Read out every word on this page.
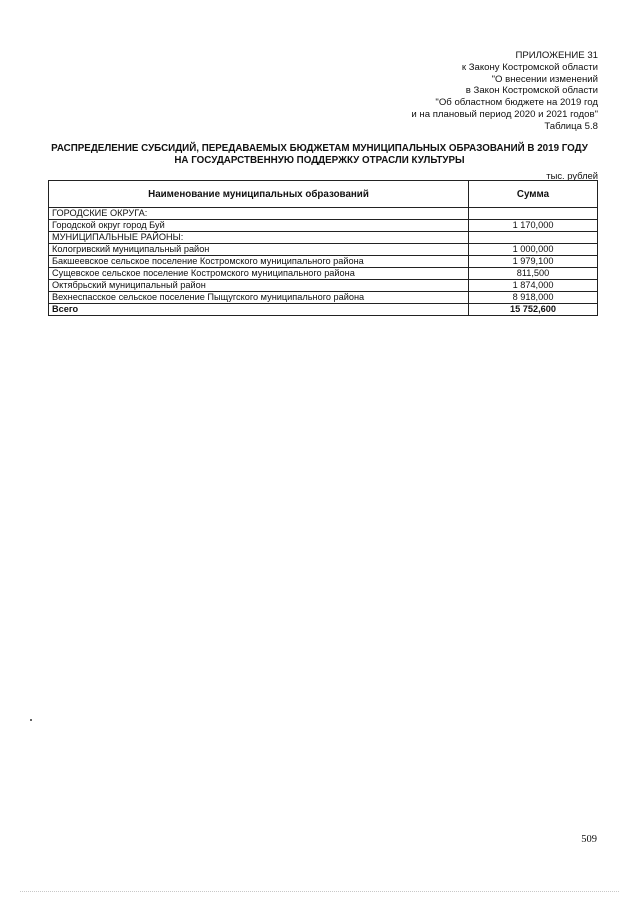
ПРИЛОЖЕНИЕ 31
к Закону Костромской области
"О внесении изменений
в Закон Костромской области
"Об областном бюджете на 2019 год
и на плановый период 2020 и 2021 годов"
Таблица 5.8
РАСПРЕДЕЛЕНИЕ СУБСИДИЙ, ПЕРЕДАВАЕМЫХ БЮДЖЕТАМ МУНИЦИПАЛЬНЫХ ОБРАЗОВАНИЙ В 2019 ГОДУ
НА ГОСУДАРСТВЕННУЮ ПОДДЕРЖКУ ОТРАСЛИ КУЛЬТУРЫ
тыс. рублей
Наименование муниципальных образований	Сумма
ГОРОДСКИЕ ОКРУГА:	
Городской округ город Буй	1 170,000
МУНИЦИПАЛЬНЫЕ РАЙОНЫ:	
Кологривский муниципальный район	1 000,000
Бакшеевское сельское поселение Костромского муниципального района	1 979,100
Сущевское сельское поселение Костромского муниципального района	811,500
Октябрьский муниципальный район	1 874,000
Вехнеспасское сельское поселение Пыщугского муниципального района	8 918,000
Всего	15 752,600
509
